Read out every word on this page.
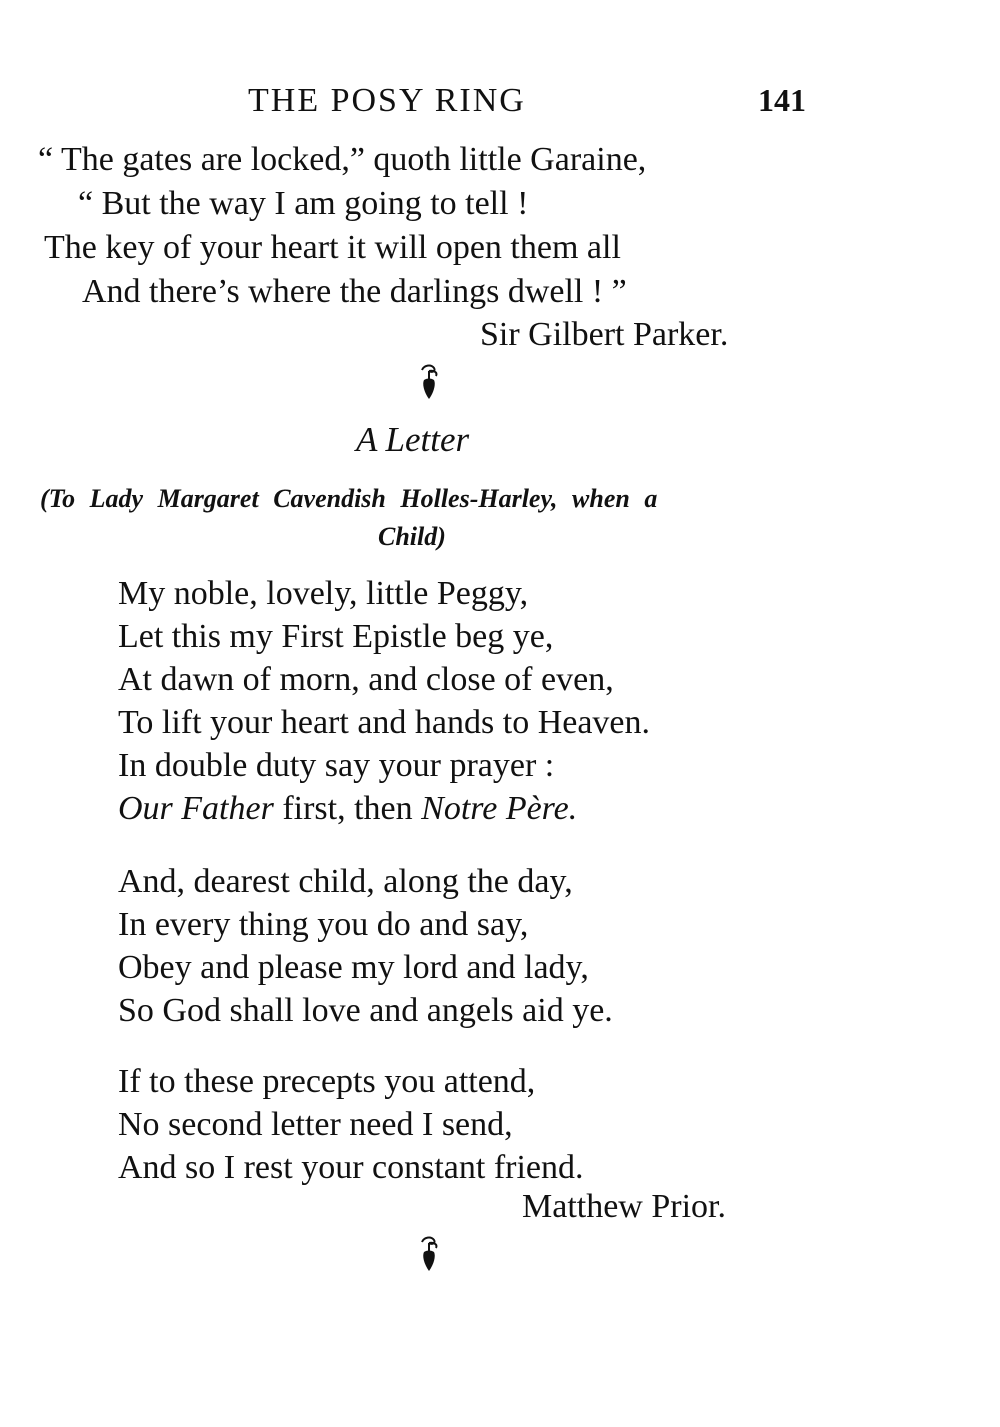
THE POSY RING	141
“ The gates are locked,” quoth little Garaine,
“ But the way I am going to tell !
The key of your heart it will open them all
And there’s where the darlings dwell ! ”
Sir Gilbert Parker.
A Letter
(To Lady Margaret Cavendish Holles-Harley, when a
Child)
My noble, lovely, little Peggy,
Let this my First Epistle beg ye,
At dawn of morn, and close of even,
To lift your heart and hands to Heaven.
In double duty say your prayer :
Our Father first, then Notre Père.
And, dearest child, along the day,
In every thing you do and say,
Obey and please my lord and lady,
So God shall love and angels aid ye.
If to these precepts you attend,
No second letter need I send,
And so I rest your constant friend.
Matthew Prior.
